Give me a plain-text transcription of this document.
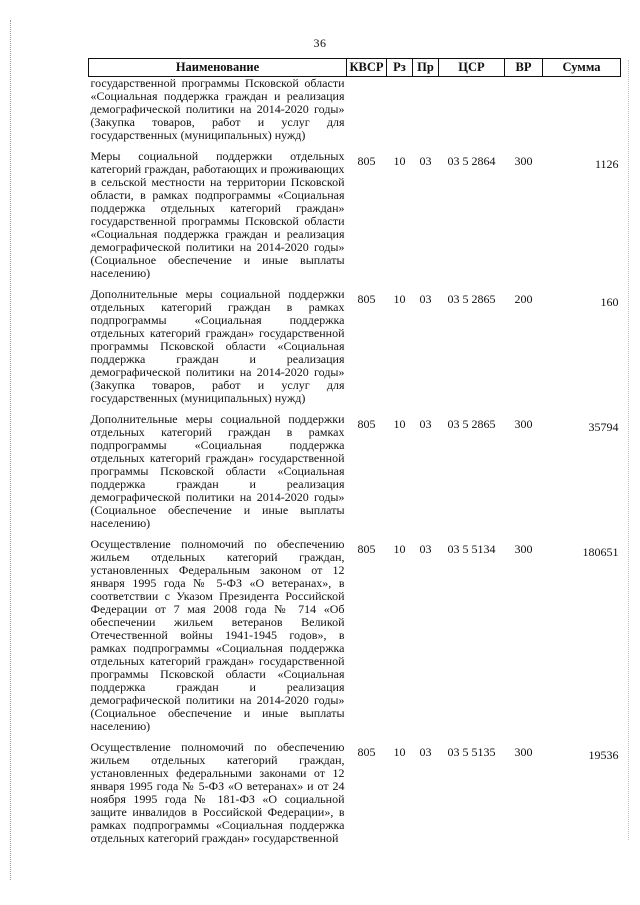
36
Наименование	КВСР	Рз	Пр	ЦСР	ВР	Сумма
государственной программы Псковской области «Социальная поддержка граждан и реализация демографической политики на 2014-2020 годы» (Закупка товаров, работ и услуг для государственных (муниципальных) нужд)						
Меры социальной поддержки отдельных категорий граждан, работающих и проживающих в сельской местности на территории Псковской области, в рамках подпрограммы «Социальная поддержка отдельных категорий граждан» государственной программы Псковской области «Социальная поддержка граждан и реализация демографической политики на 2014-2020 годы» (Социальное обеспечение и иные выплаты населению)	805	10	03	03 5 2864	300	1126
Дополнительные меры социальной поддержки отдельных категорий граждан в рамках подпрограммы «Социальная поддержка отдельных категорий граждан» государственной программы Псковской области «Социальная поддержка граждан и реализация демографической политики на 2014-2020 годы» (Закупка товаров, работ и услуг для государственных (муниципальных) нужд)	805	10	03	03 5 2865	200	160
Дополнительные меры социальной поддержки отдельных категорий граждан в рамках подпрограммы «Социальная поддержка отдельных категорий граждан» государственной программы Псковской области «Социальная поддержка граждан и реализация демографической политики на 2014-2020 годы» (Социальное обеспечение и иные выплаты населению)	805	10	03	03 5 2865	300	35794
Осуществление полномочий по обеспечению жильем отдельных категорий граждан, установленных Федеральным законом от 12 января 1995 года № 5-ФЗ «О ветеранах», в соответствии с Указом Президента Российской Федерации от 7 мая 2008 года № 714 «Об обеспечении жильем ветеранов Великой Отечественной войны 1941-1945 годов», в рамках подпрограммы «Социальная поддержка отдельных категорий граждан» государственной программы Псковской области «Социальная поддержка граждан и реализация демографической политики на 2014-2020 годы» (Социальное обеспечение и иные выплаты населению)	805	10	03	03 5 5134	300	180651
Осуществление полномочий по обеспечению жильем отдельных категорий граждан, установленных федеральными законами от 12 января 1995 года № 5-ФЗ «О ветеранах» и от 24 ноября 1995 года № 181-ФЗ «О социальной защите инвалидов в Российской Федерации», в рамках подпрограммы «Социальная поддержка отдельных категорий граждан» государственной	805	10	03	03 5 5135	300	19536
